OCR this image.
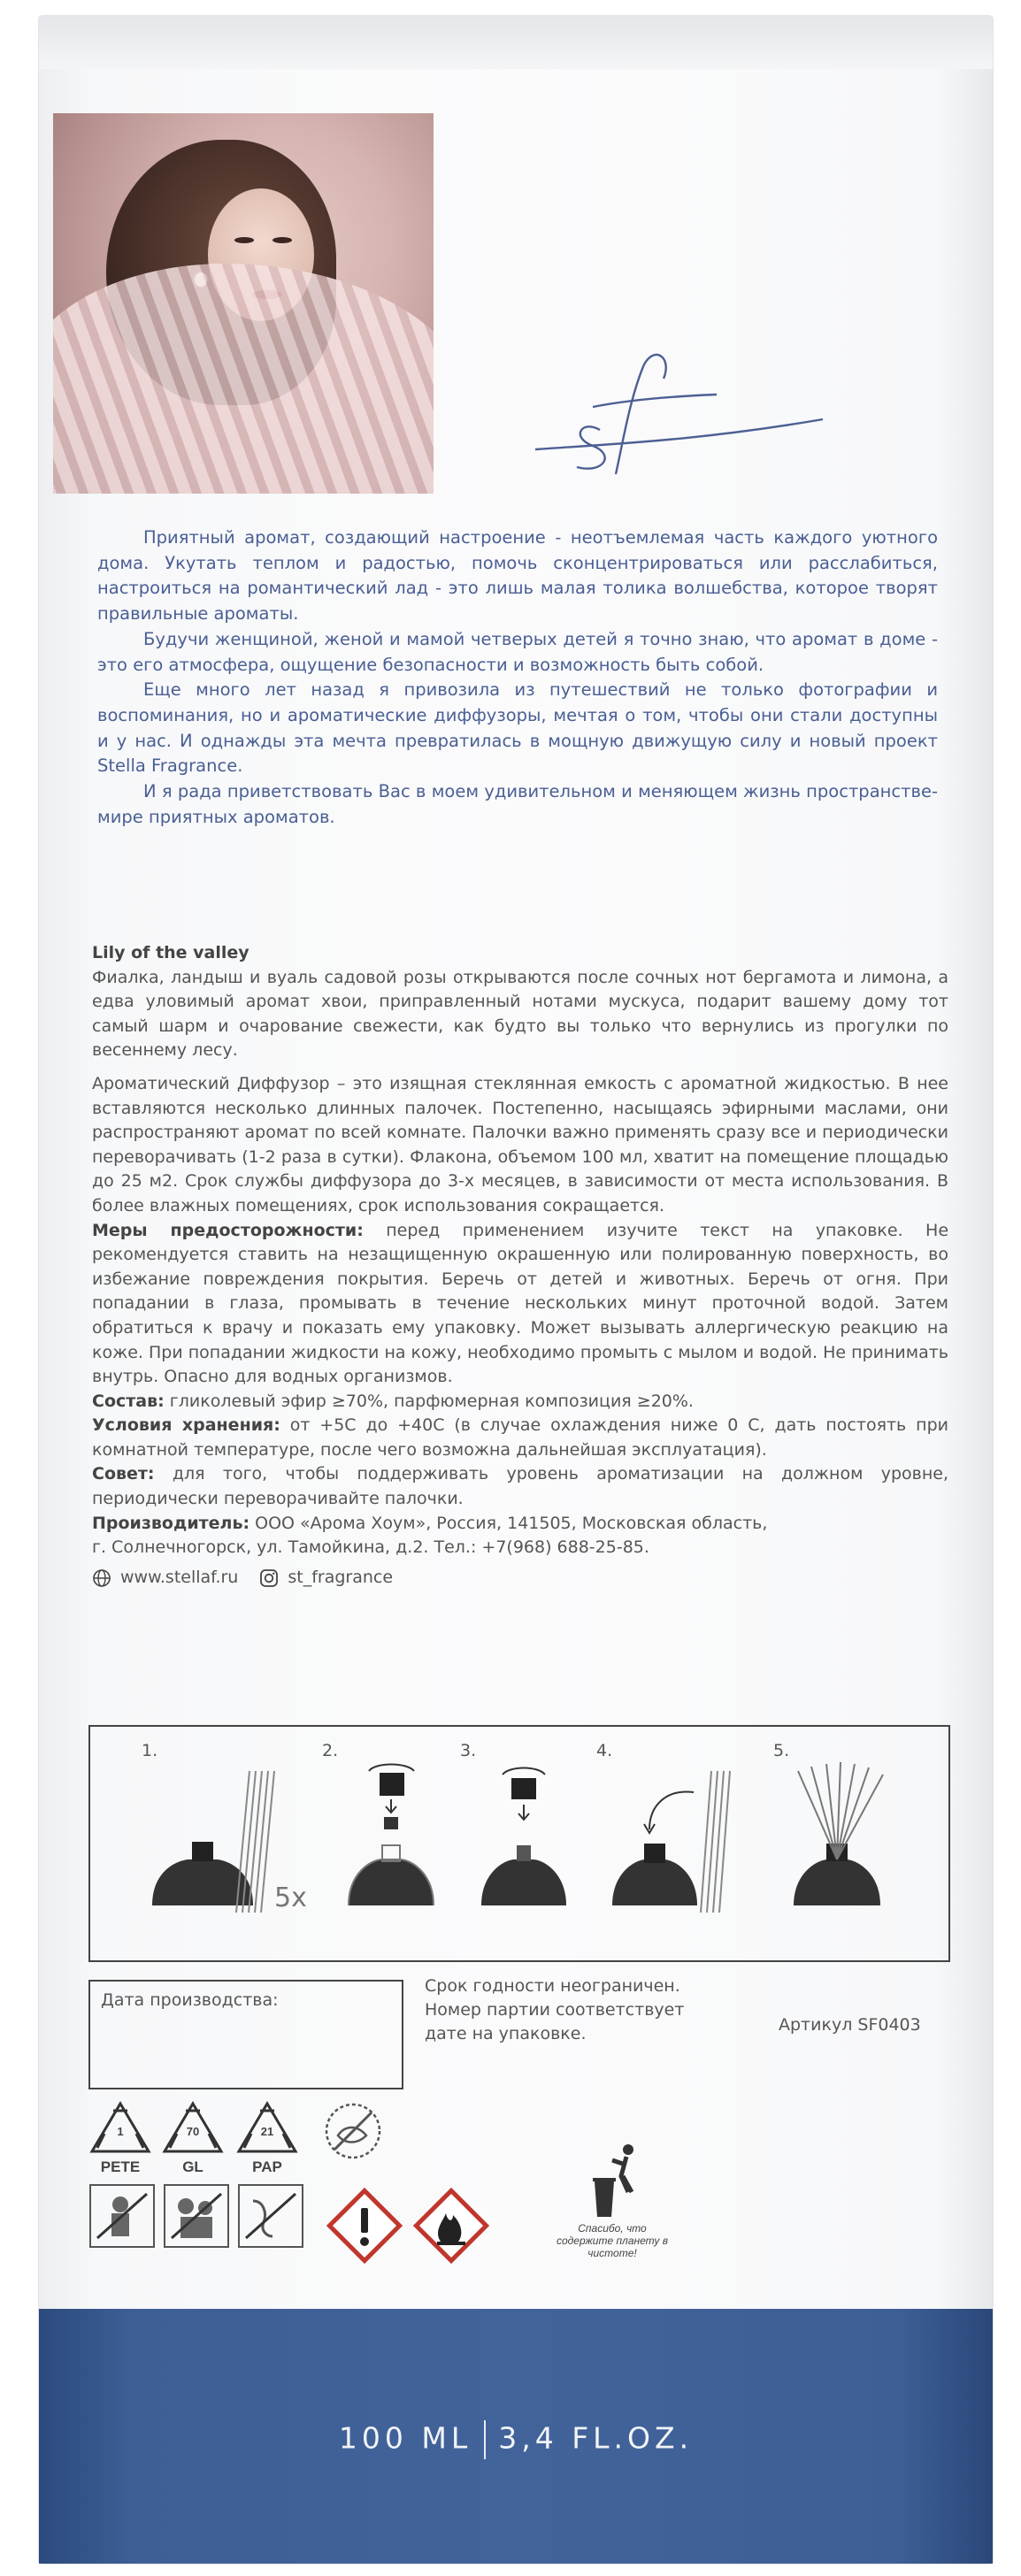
Приятный аромат, создающий настроение - неотъемлемая часть каждого уютного дома. Укутать теплом и радостью, помочь сконцентрироваться или расслабиться, настроиться на романтический лад - это лишь малая толика волшебства, которое творят правильные ароматы.

Будучи женщиной, женой и мамой четверых детей я точно знаю, что аромат в доме - это его атмосфера, ощущение безопасности и возможность быть собой.

Еще много лет назад я привозила из путешествий не только фотографии и воспоминания, но и ароматические диффузоры, мечтая о том, чтобы они стали доступны и у нас. И однажды эта мечта превратилась в мощную движущую силу и новый проект Stella Fragrance.

И я рада приветствовать Вас в моем удивительном и меняющем жизнь пространстве- мире приятных ароматов.

Lily of the valley
Фиалка, ландыш и вуаль садовой розы открываются после сочных нот бергамота и лимона, а едва уловимый аромат хвои, приправленный нотами мускуса, подарит вашему дому тот самый шарм и очарование свежести, как будто вы только что вернулись из прогулки по весеннему лесу.
Ароматический Диффузор – это изящная стеклянная емкость с ароматной жидкостью. В нее вставляются несколько длинных палочек. Постепенно, насыщаясь эфирными маслами, они распространяют аромат по всей комнате. Палочки важно применять сразу все и периодически переворачивать (1-2 раза в сутки). Флакона, объемом 100 мл, хватит на помещение площадью до 25 м2. Срок службы диффузора до 3-х месяцев, в зависимости от места использования. В более влажных помещениях, срок использования сокращается.
Меры предосторожности: перед применением изучите текст на упаковке. Не рекомендуется ставить на незащищенную окрашенную или полированную поверхность, во избежание повреждения покрытия. Беречь от детей и животных. Беречь от огня. При попадании в глаза, промывать в течение нескольких минут проточной водой. Затем обратиться к врачу и показать ему упаковку. Может вызывать аллергическую реакцию на коже. При попадании жидкости на кожу, необходимо промыть с мылом и водой. Не принимать внутрь. Опасно для водных организмов.
Состав: гликолевый эфир ≥70%, парфюмерная композиция ≥20%.
Условия хранения: от +5С до +40С (в случае охлаждения ниже 0 С, дать постоять при комнатной температуре, после чего возможна дальнейшая эксплуатация).
Совет: для того, чтобы поддерживать уровень ароматизации на должном уровне, периодически переворачивайте палочки.
Производитель: ООО «Арома Хоум», Россия, 141505, Московская область,
г. Солнечногорск, ул. Тамойкина, д.2. Тел.: +7(968) 688-25-85.
www.stellaf.ru	st_fragrance
1.	2.	3.	4.	5.
5x
Дата производства:
Срок годности неограничен.
Номер партии соответствует дате на упаковке.	Артикул SF0403
1
PETE
70
GL
21
PAP
Спасибо, что содержите планету в чистоте!
100 ML 3,4 FL.OZ.
